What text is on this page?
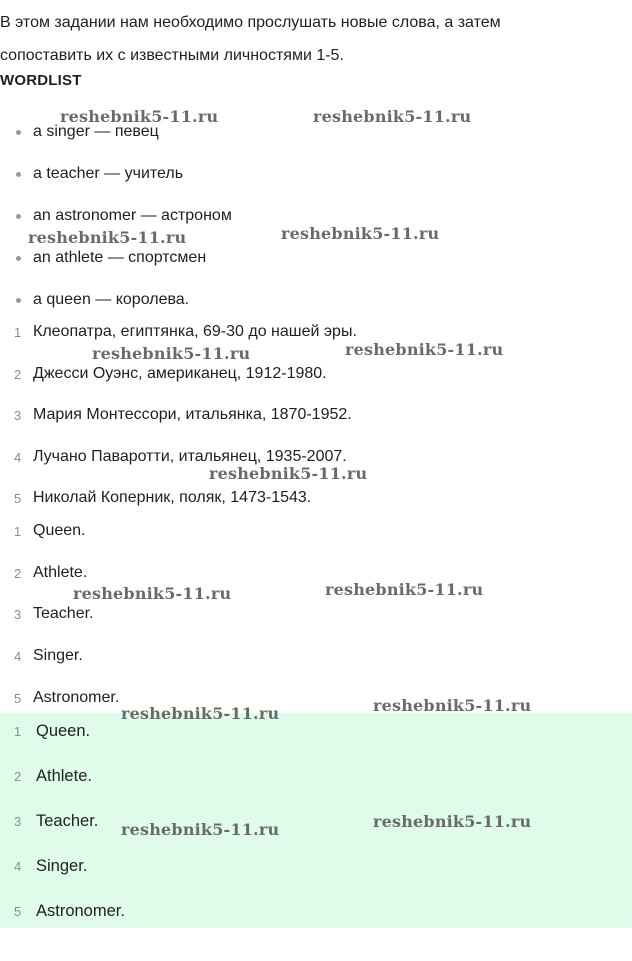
В этом задании нам необходимо прослушать новые слова, а затем сопоставить их с известными личностями 1-5.

WORDLIST
a singer — певец
a teacher — учитель
an astronomer — астроном
an athlete — спортсмен
a queen — королева.
1 Клеопатра, египтянка, 69-30 до нашей эры.
2 Джесси Оуэнс, американец, 1912-1980.
3 Мария Монтессори, итальянка, 1870-1952.
4 Лучано Паваротти, итальянец, 1935-2007.
5 Николай Коперник, поляк, 1473-1543.
1 Queen.
2 Athlete.
3 Teacher.
4 Singer.
5 Astronomer.
1 Queen.
2 Athlete.
3 Teacher.
4 Singer.
5 Astronomer.
reshebnik5-11.ru	reshebnik5-11.ru
reshebnik5-11.ru	reshebnik5-11.ru
reshebnik5-11.ru	reshebnik5-11.ru
reshebnik5-11.ru
reshebnik5-11.ru	reshebnik5-11.ru
reshebnik5-11.ru	reshebnik5-11.ru
reshebnik5-11.ru	reshebnik5-11.ru
